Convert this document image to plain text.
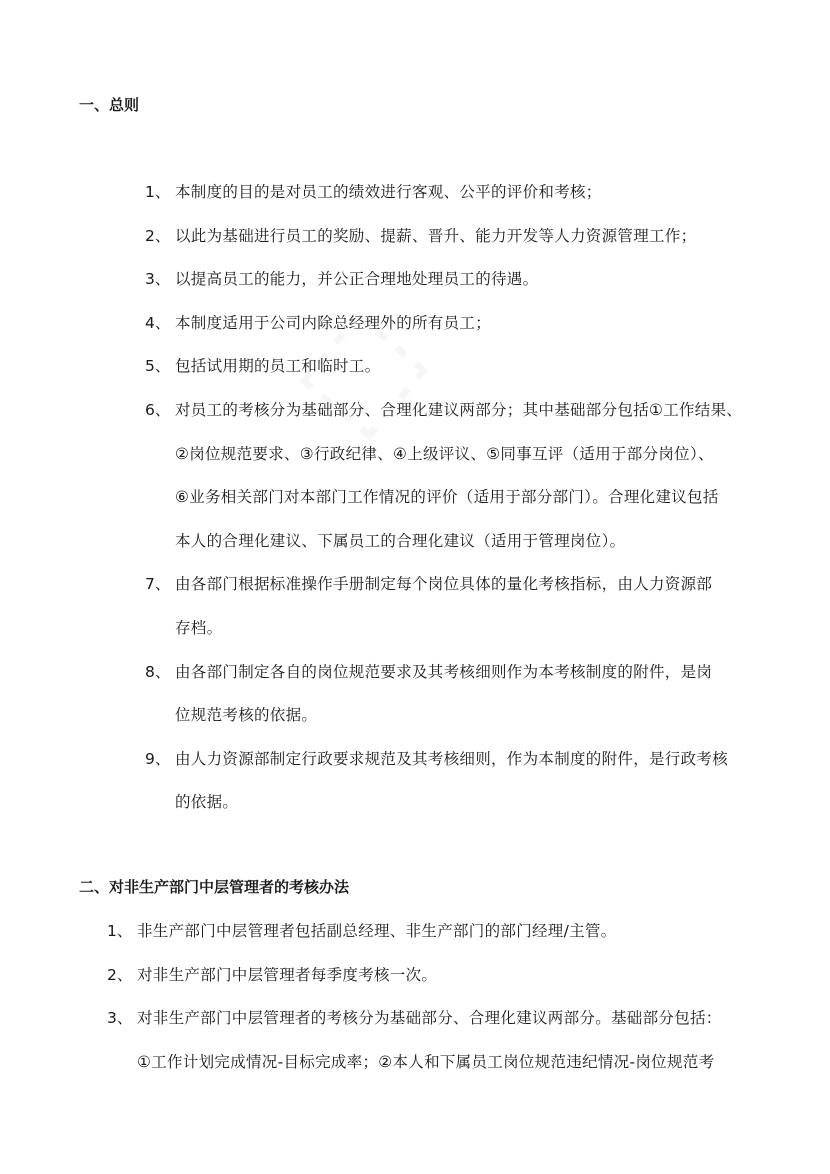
一、总则
1、 本制度的目的是对员工的绩效进行客观、公平的评价和考核；
2、 以此为基础进行员工的奖励、提薪、晋升、能力开发等人力资源管理工作；
3、 以提高员工的能力，并公正合理地处理员工的待遇。
4、 本制度适用于公司内除总经理外的所有员工；
5、 包括试用期的员工和临时工。
6、 对员工的考核分为基础部分、合理化建议两部分；其中基础部分包括①工作结果、
②岗位规范要求、③行政纪律、④上级评议、⑤同事互评（适用于部分岗位）、
⑥业务相关部门对本部门工作情况的评价（适用于部分部门）。合理化建议包括
本人的合理化建议、下属员工的合理化建议（适用于管理岗位）。
7、 由各部门根据标准操作手册制定每个岗位具体的量化考核指标，由人力资源部
存档。
8、 由各部门制定各自的岗位规范要求及其考核细则作为本考核制度的附件，是岗
位规范考核的依据。
9、 由人力资源部制定行政要求规范及其考核细则，作为本制度的附件，是行政考核
的依据。
二、对非生产部门中层管理者的考核办法
1、 非生产部门中层管理者包括副总经理、非生产部门的部门经理/主管。
2、 对非生产部门中层管理者每季度考核一次。
3、 对非生产部门中层管理者的考核分为基础部分、合理化建议两部分。基础部分包括：
①工作计划完成情况-目标完成率；②本人和下属员工岗位规范违纪情况-岗位规范考
